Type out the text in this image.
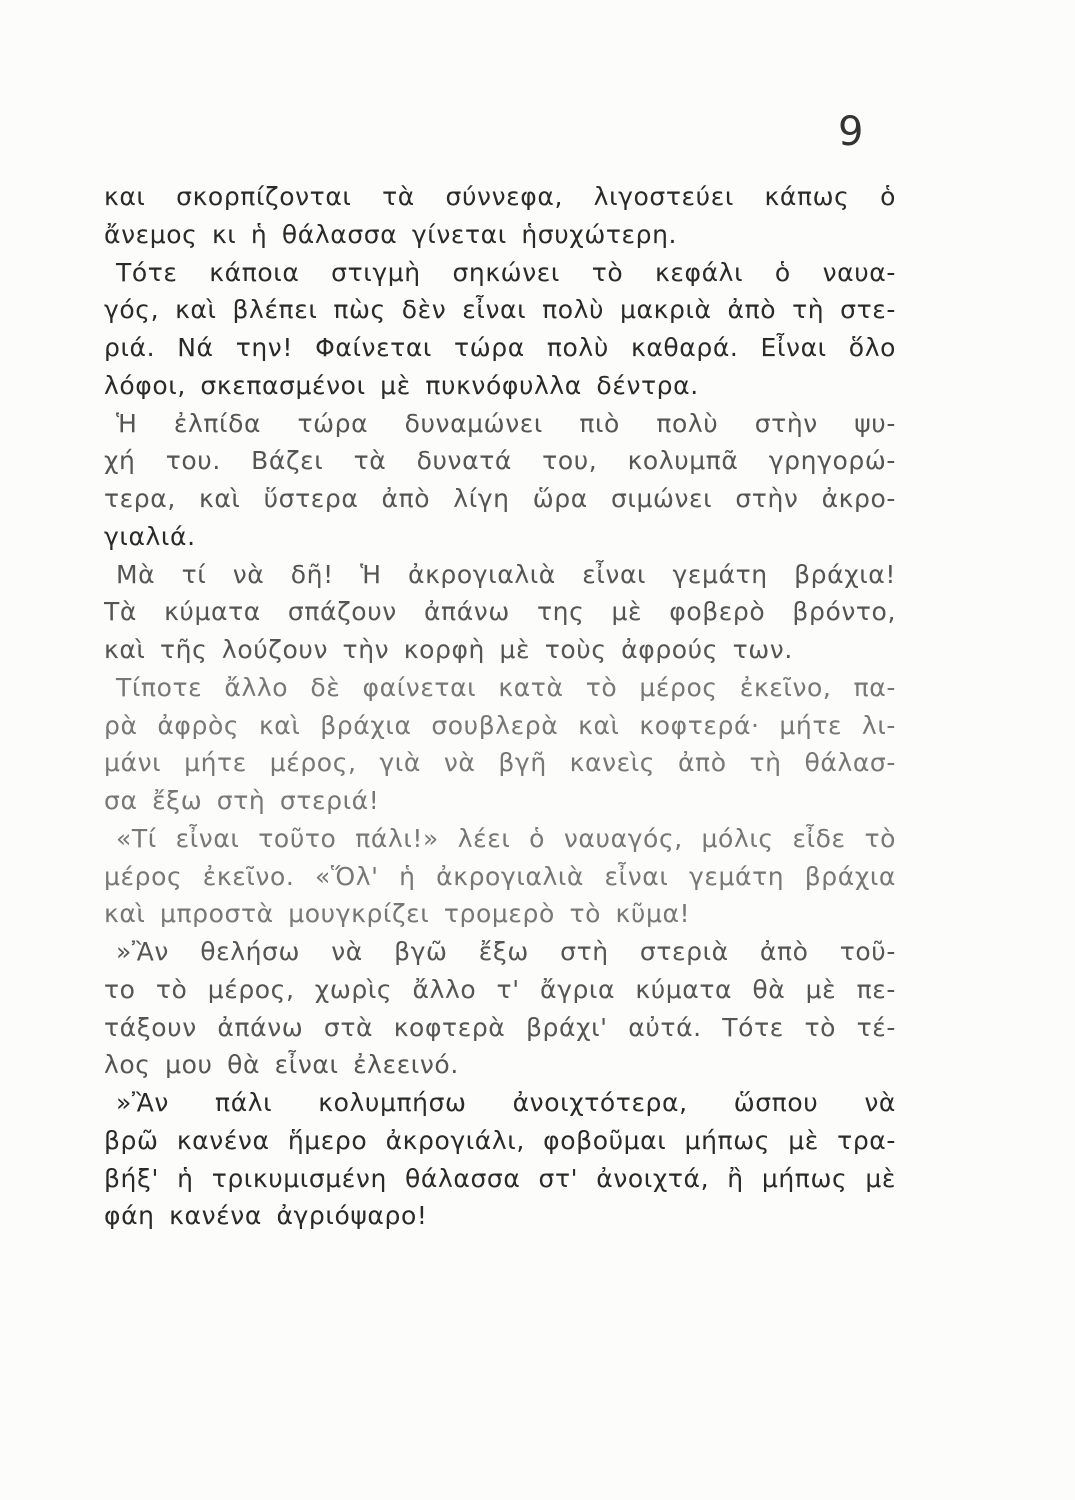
9
και σκορπίζονται τὰ σύννεφα, λιγοστεύει κάπως ὁ
ἄνεμος κι ἡ θάλασσα γίνεται ἡσυχώτερη.
Τότε κάποια στιγμὴ σηκώνει τὸ κεφάλι ὁ ναυα-
γός, καὶ βλέπει πὼς δὲν εἶναι πολὺ μακριὰ ἀπὸ τὴ στε-
ριά. Νά την! Φαίνεται τώρα πολὺ καθαρά. Εἶναι ὅλο
λόφοι, σκεπασμένοι μὲ πυκνόφυλλα δέντρα.
Ἡ ἐλπίδα τώρα δυναμώνει πιὸ πολὺ στὴν ψυ-
χή του. Βάζει τὰ δυνατά του, κολυμπᾶ γρηγορώ-
τερα, καὶ ὕστερα ἀπὸ λίγη ὥρα σιμώνει στὴν ἀκρο-
γιαλιά.
Μὰ τί νὰ δῆ! Ἡ ἀκρογιαλιὰ εἶναι γεμάτη βράχια!
Τὰ κύματα σπάζουν ἀπάνω της μὲ φοβερὸ βρόντο,
καὶ τῆς λούζουν τὴν κορφὴ μὲ τοὺς ἀφρούς των.
Τίποτε ἄλλο δὲ φαίνεται κατὰ τὸ μέρος ἐκεῖνο, πα-
ρὰ ἀφρὸς καὶ βράχια σουβλερὰ καὶ κοφτερά· μήτε λι-
μάνι μήτε μέρος, γιὰ νὰ βγῆ κανεὶς ἀπὸ τὴ θάλασ-
σα ἔξω στὴ στεριά!
«Τί εἶναι τοῦτο πάλι!» λέει ὁ ναυαγός, μόλις εἶδε τὸ
μέρος ἐκεῖνο. «Ὅλ' ἡ ἀκρογιαλιὰ εἶναι γεμάτη βράχια
καὶ μπροστὰ μουγκρίζει τρομερὸ τὸ κῦμα!
»Ἂν θελήσω νὰ βγῶ ἔξω στὴ στεριὰ ἀπὸ τοῦ-
το τὸ μέρος, χωρὶς ἄλλο τ' ἄγρια κύματα θὰ μὲ πε-
τάξουν ἀπάνω στὰ κοφτερὰ βράχι' αὐτά. Τότε τὸ τέ-
λος μου θὰ εἶναι ἐλεεινό.
»Ἂν πάλι κολυμπήσω ἀνοιχτότερα, ὥσπου νὰ
βρῶ κανένα ἥμερο ἀκρογιάλι, φοβοῦμαι μήπως μὲ τρα-
βήξ' ἡ τρικυμισμένη θάλασσα στ' ἀνοιχτά, ἢ μήπως μὲ
φάη κανένα ἀγριόψαρο!
